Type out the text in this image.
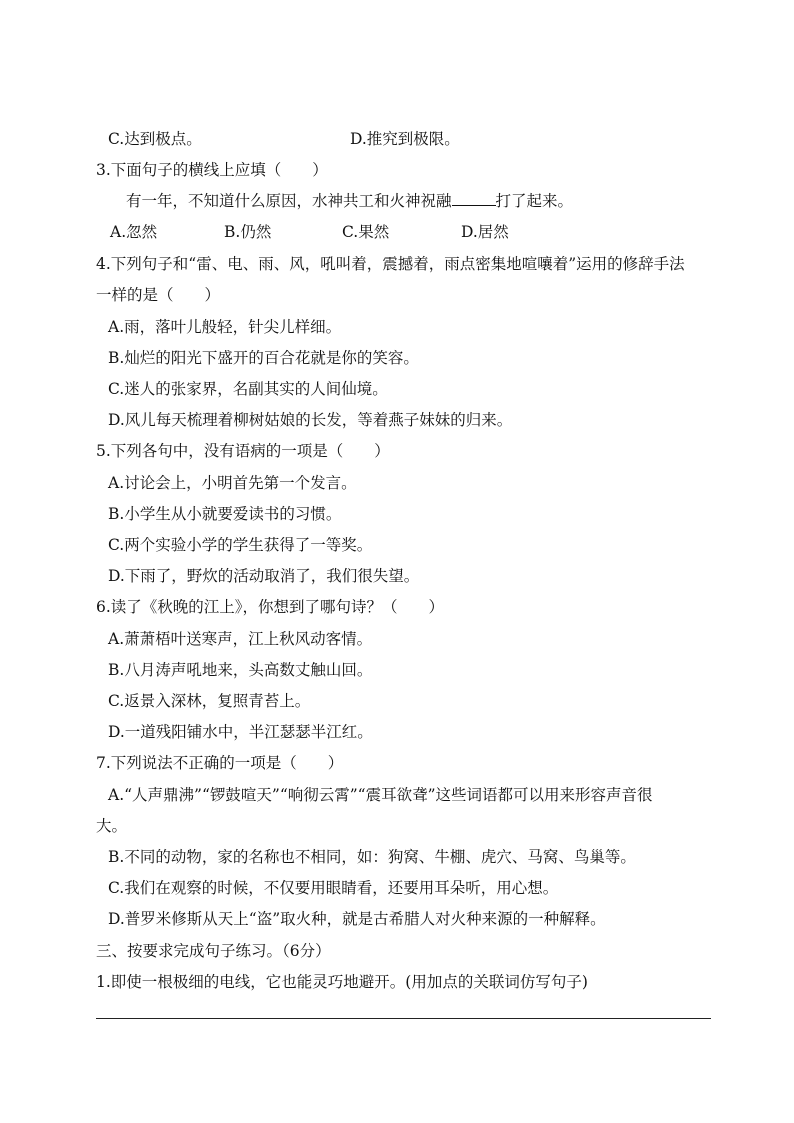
C.达到极点。	D.推究到极限。
3.下面句子的横线上应填（　　）
有一年，不知道什么原因，水神共工和火神祝融	打了起来。
A.忽然	B.仍然	C.果然	D.居然
4.下列句子和“雷、电、雨、风，吼叫着，震撼着，雨点密集地喧嚷着”运用的修辞手法
一样的是（　　）
A.雨，落叶儿般轻，针尖儿样细。
B.灿烂的阳光下盛开的百合花就是你的笑容。
C.迷人的张家界，名副其实的人间仙境。
D.风儿每天梳理着柳树姑娘的长发，等着燕子妹妹的归来。
5.下列各句中，没有语病的一项是（　　）
A.讨论会上，小明首先第一个发言。
B.小学生从小就要爱读书的习惯。
C.两个实验小学的学生获得了一等奖。
D.下雨了，野炊的活动取消了，我们很失望。
6.读了《秋晚的江上》，你想到了哪句诗？（　　）
A.萧萧梧叶送寒声，江上秋风动客情。
B.八月涛声吼地来，头高数丈触山回。
C.返景入深林，复照青苔上。
D.一道残阳铺水中，半江瑟瑟半江红。
7.下列说法不正确的一项是（　　）
A.“人声鼎沸”“锣鼓喧天”“响彻云霄”“震耳欲聋”这些词语都可以用来形容声音很
大。
B.不同的动物，家的名称也不相同，如：狗窝、牛棚、虎穴、马窝、鸟巢等。
C.我们在观察的时候，不仅要用眼睛看，还要用耳朵听，用心想。
D.普罗米修斯从天上“盗”取火种，就是古希腊人对火种来源的一种解释。
三、按要求完成句子练习。（6分）
1.即使一根极细的电线，它也能灵巧地避开。(用加点的关联词仿写句子)
